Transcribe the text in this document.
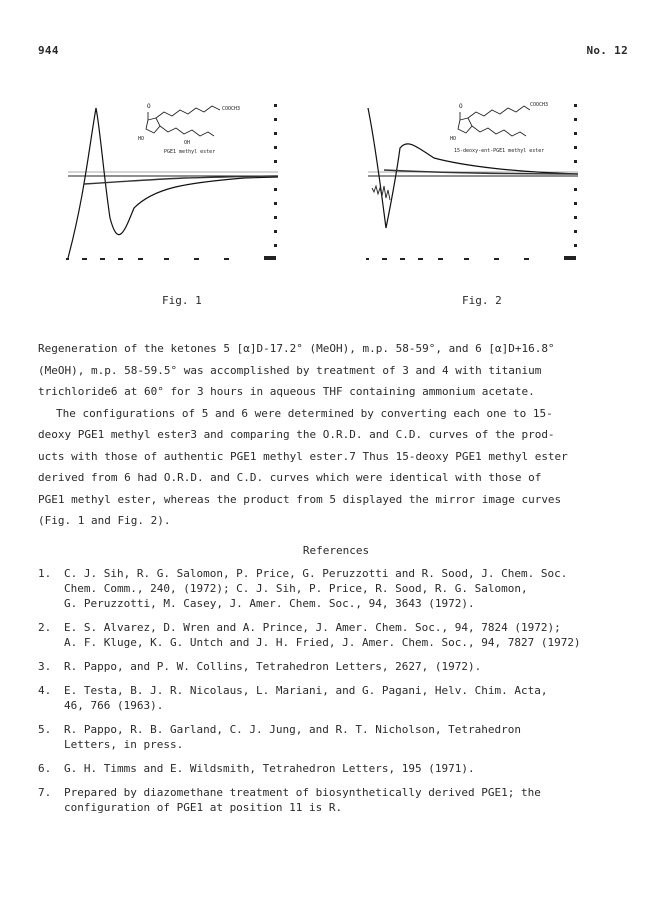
944	No. 12
O	COOCH3
HO
OH
PGE1 methyl ester
Fig. 1
O	COOCH3
HO
15-deoxy-ent-PGE1 methyl ester
Fig. 2

Regeneration of the ketones 5 [α]D-17.2° (MeOH), m.p. 58-59°, and 6 [α]D+16.8°

(MeOH), m.p. 58-59.5° was accomplished by treatment of 3 and 4 with titanium

trichloride6 at 60° for 3 hours in aqueous THF containing ammonium acetate.

The configurations of 5 and 6 were determined by converting each one to 15-

deoxy PGE1 methyl ester3 and comparing the O.R.D. and C.D. curves of the prod-

ucts with those of authentic PGE1 methyl ester.7 Thus 15-deoxy PGE1 methyl ester

derived from 6 had O.R.D. and C.D. curves which were identical with those of

PGE1 methyl ester, whereas the product from 5 displayed the mirror image curves

(Fig. 1 and Fig. 2).

References
1.	C. J. Sih, R. G. Salomon, P. Price, G. Peruzzotti and R. Sood, J. Chem. Soc.
Chem. Comm., 240, (1972); C. J. Sih, P. Price, R. Sood, R. G. Salomon,
G. Peruzzotti, M. Casey, J. Amer. Chem. Soc., 94, 3643 (1972).
2.	E. S. Alvarez, D. Wren and A. Prince, J. Amer. Chem. Soc., 94, 7824 (1972);
A. F. Kluge, K. G. Untch and J. H. Fried, J. Amer. Chem. Soc., 94, 7827 (1972)
3.	R. Pappo, and P. W. Collins, Tetrahedron Letters, 2627, (1972).
4.	E. Testa, B. J. R. Nicolaus, L. Mariani, and G. Pagani, Helv. Chim. Acta,
46, 766 (1963).
5.	R. Pappo, R. B. Garland, C. J. Jung, and R. T. Nicholson, Tetrahedron
Letters, in press.
6.	G. H. Timms and E. Wildsmith, Tetrahedron Letters, 195 (1971).
7.	Prepared by diazomethane treatment of biosynthetically derived PGE1; the
configuration of PGE1 at position 11 is R.
